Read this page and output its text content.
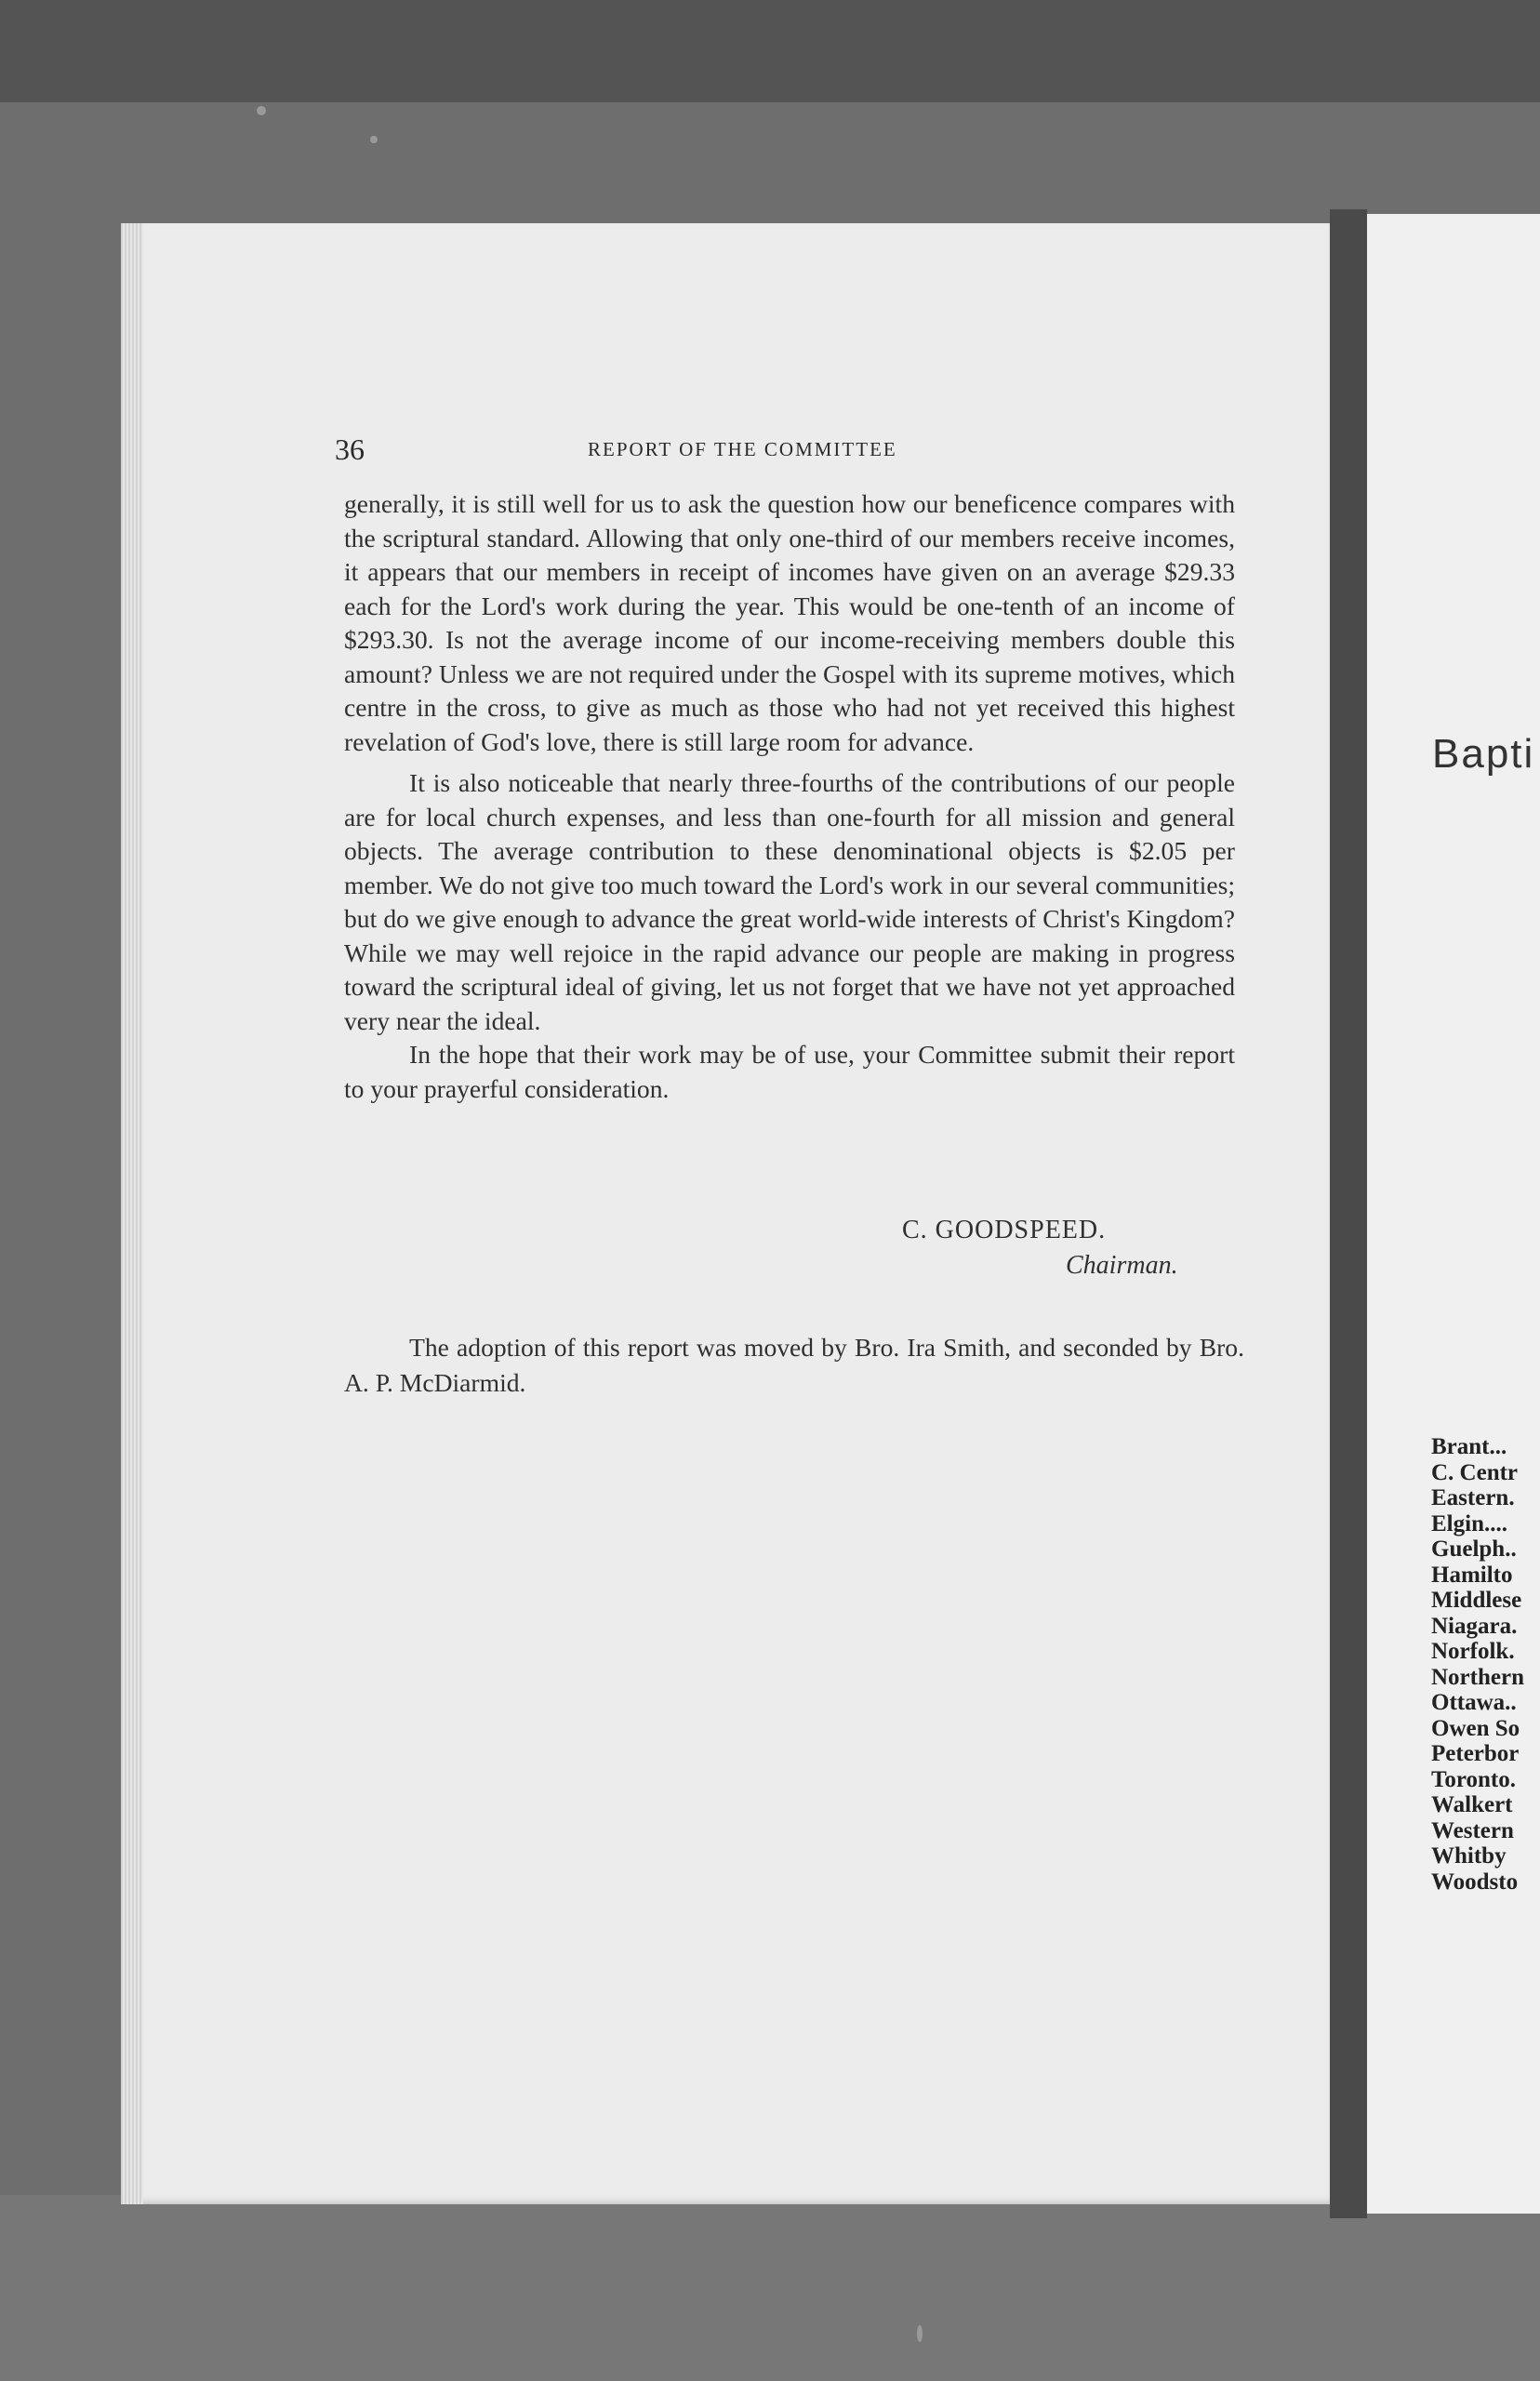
Bapti
Brant...
C. Centr
Eastern.
Elgin....
Guelph..
Hamilto
Middlese
Niagara.
Norfolk.
Northern
Ottawa..
Owen So
Peterbor
Toronto.
Walkert
Western
Whitby
Woodsto
36	REPORT OF THE COMMITTEE

generally, it is still well for us to ask the question how our beneficence compares with the scriptural standard. Allowing that only one-third of our members receive incomes, it appears that our members in receipt of incomes have given on an average $29.33 each for the Lord's work during the year. This would be one-tenth of an income of $293.30. Is not the average income of our income-receiving members double this amount? Unless we are not required under the Gospel with its supreme motives, which centre in the cross, to give as much as those who had not yet received this highest revelation of God's love, there is still large room for advance.

It is also noticeable that nearly three-fourths of the contributions of our people are for local church expenses, and less than one-fourth for all mission and general objects. The average contribution to these denominational objects is $2.05 per member. We do not give too much toward the Lord's work in our several communities; but do we give enough to advance the great world-wide interests of Christ's Kingdom? While we may well rejoice in the rapid advance our people are making in progress toward the scriptural ideal of giving, let us not forget that we have not yet approached very near the ideal.

In the hope that their work may be of use, your Committee submit their report to your prayerful consideration.

C. GOODSPEED.
Chairman.

The adoption of this report was moved by Bro. Ira Smith, and seconded by Bro. A. P. McDiarmid.
